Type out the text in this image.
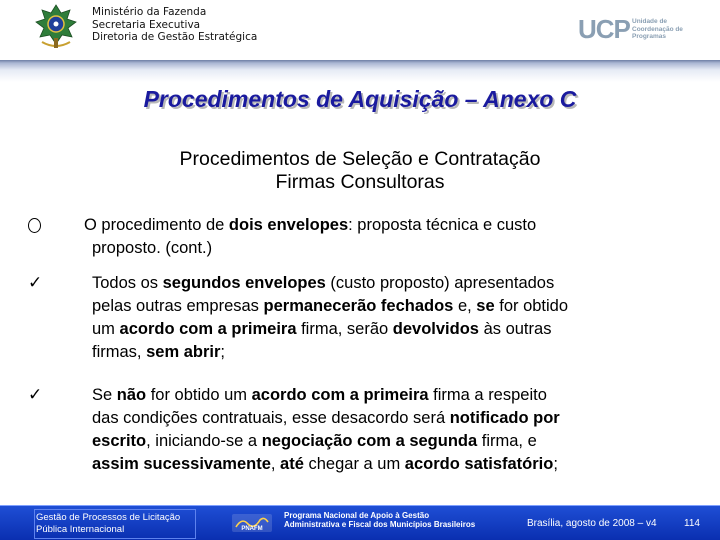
Ministério da Fazenda
Secretaria Executiva
Diretoria de Gestão Estratégica	UCP Unidade de
Coordenação de
Programas
Procedimentos de Aquisição – Anexo C
Procedimentos de Seleção e Contratação
Firmas Consultoras
O procedimento de dois envelopes: proposta técnica e custo
proposto. (cont.)
✓	Todos os segundos envelopes (custo proposto) apresentados
pelas outras empresas permanecerão fechados e, se for obtido
um acordo com a primeira firma, serão devolvidos às outras
firmas, sem abrir;
✓	Se não for obtido um acordo com a primeira firma a respeito
das condições contratuais, esse desacordo será notificado por
escrito, iniciando-se a negociação com a segunda firma, e
assim sucessivamente, até chegar a um acordo satisfatório;
Gestão de Processos de Licitação
Pública Internacional	PNAFM
Programa Nacional de Apoio à Gestão
Administrativa e Fiscal dos Municípios Brasileiros	Brasília, agosto de 2008 – v4	114
